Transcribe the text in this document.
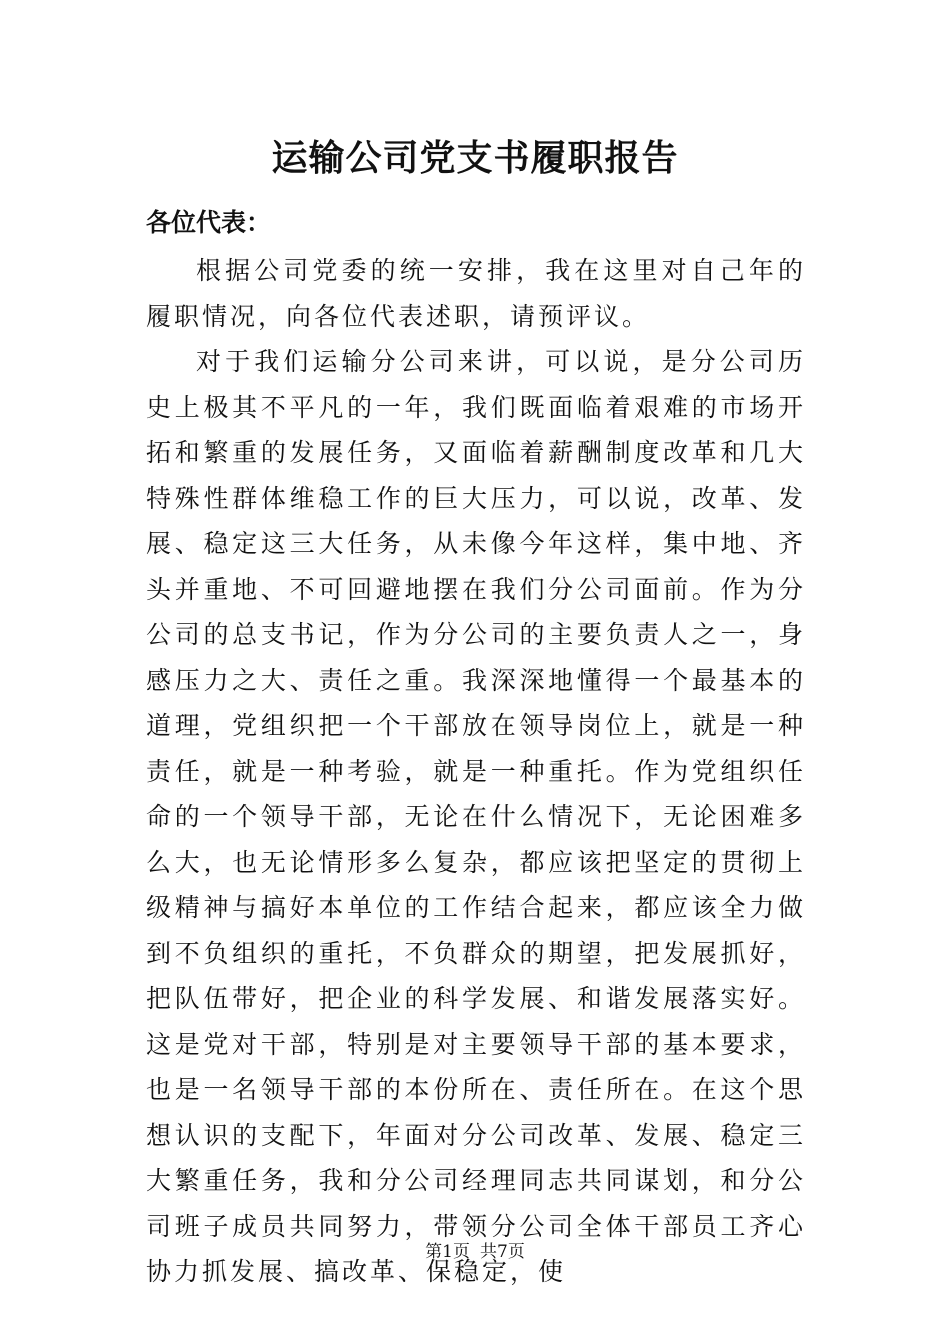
运输公司党支书履职报告
各位代表：

根据公司党委的统一安排，我在这里对自己年的履职情况，向各位代表述职，请预评议。

对于我们运输分公司来讲，可以说，是分公司历史上极其不平凡的一年，我们既面临着艰难的市场开拓和繁重的发展任务，又面临着薪酬制度改革和几大特殊性群体维稳工作的巨大压力，可以说，改革、发展、稳定这三大任务，从未像今年这样，集中地、齐头并重地、不可回避地摆在我们分公司面前。作为分公司的总支书记，作为分公司的主要负责人之一，身感压力之大、责任之重。我深深地懂得一个最基本的道理，党组织把一个干部放在领导岗位上，就是一种责任，就是一种考验，就是一种重托。作为党组织任命的一个领导干部，无论在什么情况下，无论困难多么大，也无论情形多么复杂，都应该把坚定的贯彻上级精神与搞好本单位的工作结合起来，都应该全力做到不负组织的重托，不负群众的期望，把发展抓好，把队伍带好，把企业的科学发展、和谐发展落实好。这是党对干部，特别是对主要领导干部的基本要求，也是一名领导干部的本份所在、责任所在。在这个思想认识的支配下，年面对分公司改革、发展、稳定三大繁重任务，我和分公司经理同志共同谋划，和分公司班子成员共同努力，带领分公司全体干部员工齐心协力抓发展、搞改革、保稳定，使

第1页 共7页
